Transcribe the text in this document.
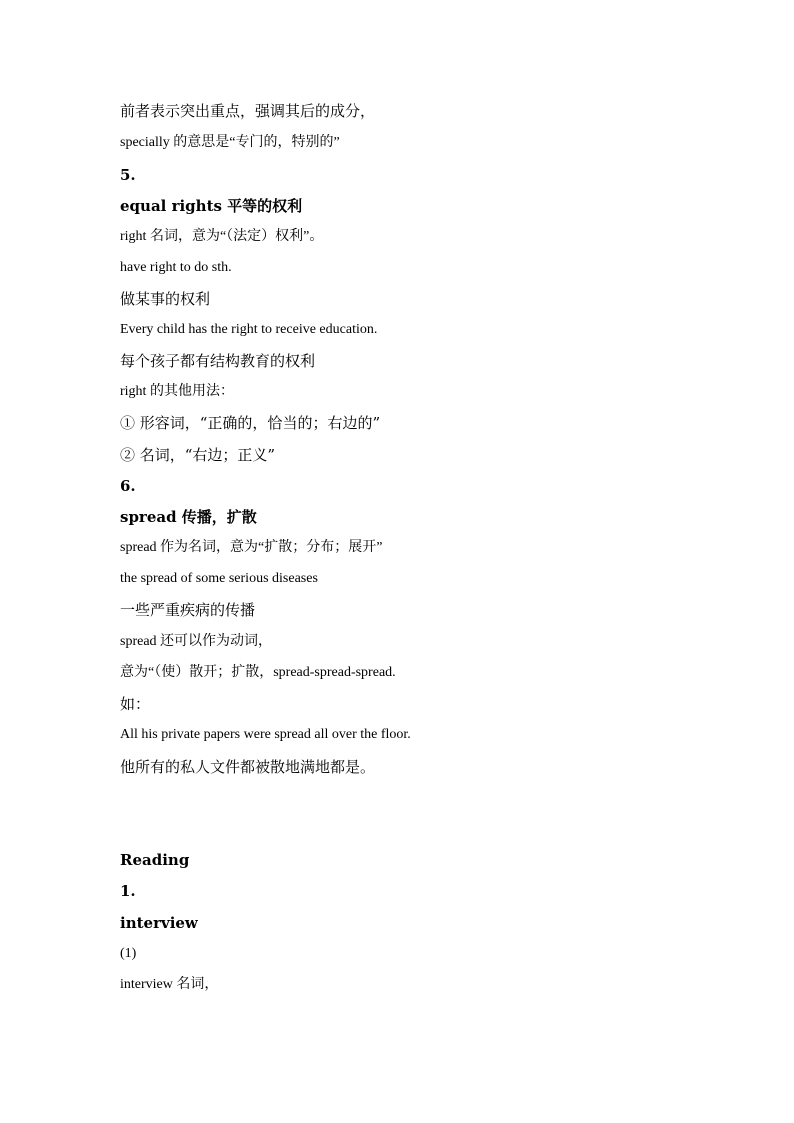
前者表示突出重点，强调其后的成分，
specially 的意思是“专门的，特别的”
5.
equal rights 平等的权利
right 名词，意为“（法定）权利”。
have right to do sth.
做某事的权利
Every child has the right to receive education.
每个孩子都有结构教育的权利
right 的其他用法：
① 形容词，“正确的，恰当的；右边的”
② 名词，“右边；正义”
6.
spread 传播，扩散
spread 作为名词，意为“扩散；分布；展开”
the spread of some serious diseases
一些严重疾病的传播
spread 还可以作为动词，
意为“（使）散开；扩散，spread-spread-spread.
如：
All his private papers were spread all over the floor.
他所有的私人文件都被散地满地都是。
Reading
1.
interview
(1)
interview 名词，
